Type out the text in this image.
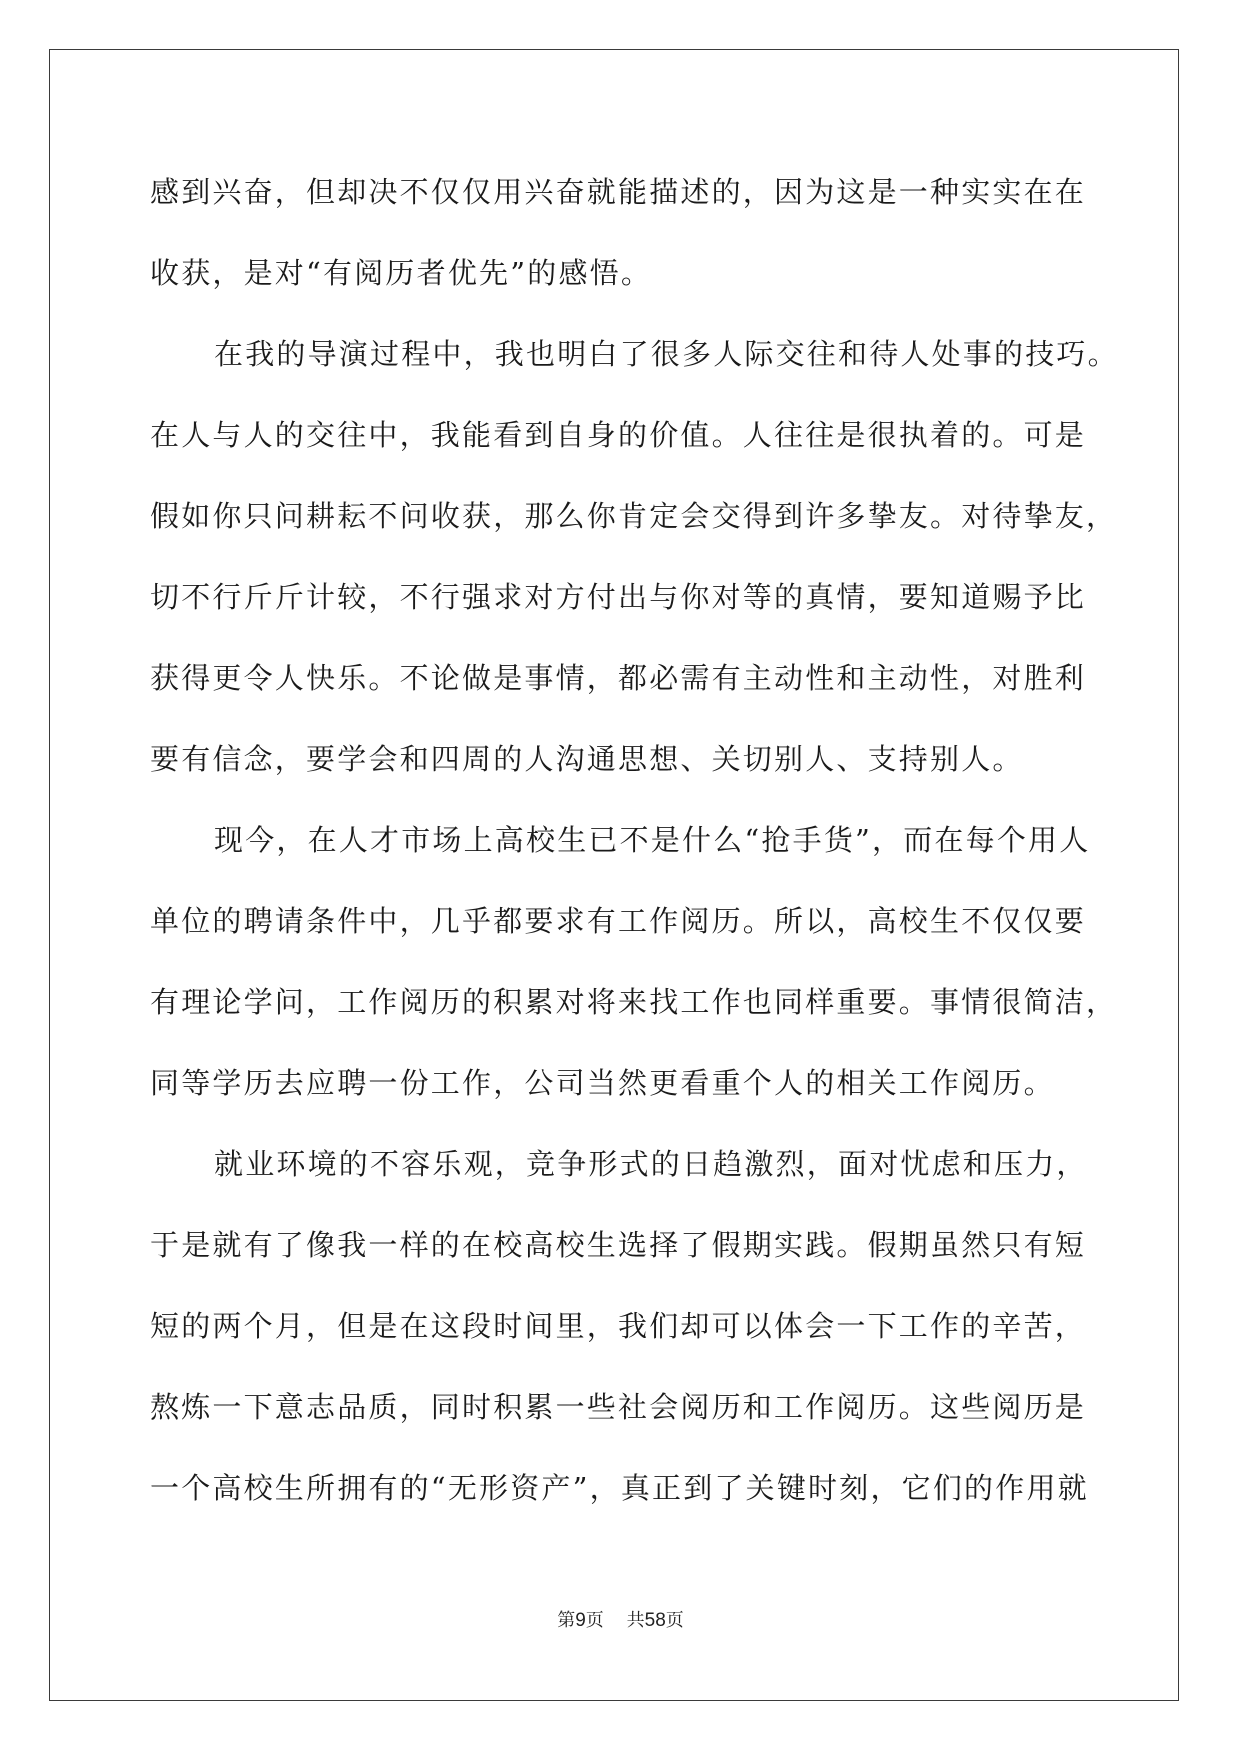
感到兴奋，但却决不仅仅用兴奋就能描述的，因为这是一种实实在在
收获，是对“有阅历者优先”的感悟。
在我的导演过程中，我也明白了很多人际交往和待人处事的技巧。
在人与人的交往中，我能看到自身的价值。人往往是很执着的。可是
假如你只问耕耘不问收获，那么你肯定会交得到许多挚友。对待挚友，
切不行斤斤计较，不行强求对方付出与你对等的真情，要知道赐予比
获得更令人快乐。不论做是事情，都必需有主动性和主动性，对胜利
要有信念，要学会和四周的人沟通思想、关切别人、支持别人。
现今，在人才市场上高校生已不是什么“抢手货”，而在每个用人
单位的聘请条件中，几乎都要求有工作阅历。所以，高校生不仅仅要
有理论学问，工作阅历的积累对将来找工作也同样重要。事情很简洁，
同等学历去应聘一份工作，公司当然更看重个人的相关工作阅历。
就业环境的不容乐观，竞争形式的日趋激烈，面对忧虑和压力，
于是就有了像我一样的在校高校生选择了假期实践。假期虽然只有短
短的两个月，但是在这段时间里，我们却可以体会一下工作的辛苦，
熬炼一下意志品质，同时积累一些社会阅历和工作阅历。这些阅历是
一个高校生所拥有的“无形资产”，真正到了关键时刻，它们的作用就
第9页 共58页
